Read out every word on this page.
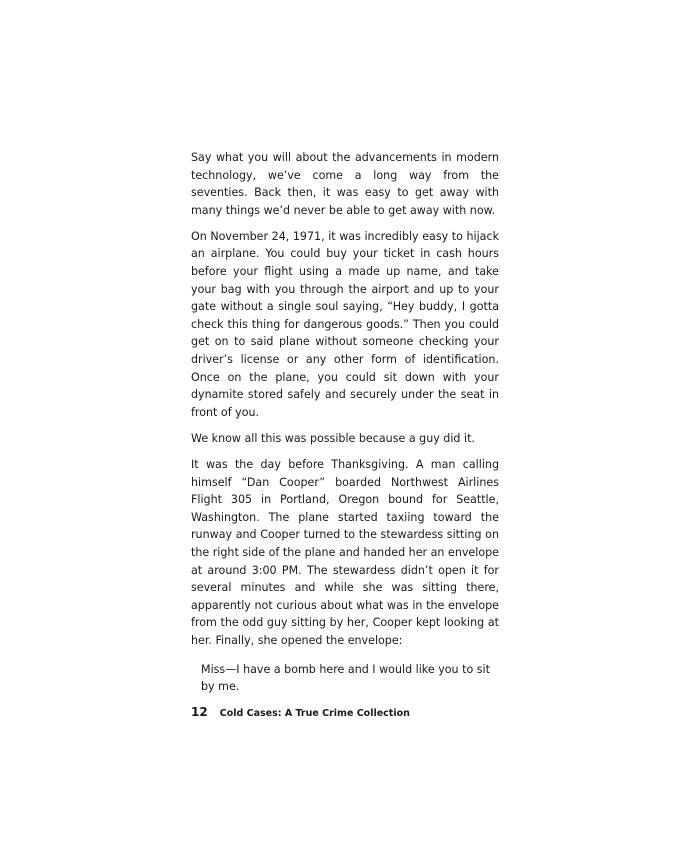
Say what you will about the advancements in modern technology, we’ve come a long way from the seventies. Back then, it was easy to get away with many things we’d never be able to get away with now.

On November 24, 1971, it was incredibly easy to hijack an airplane. You could buy your ticket in cash hours before your flight using a made up name, and take your bag with you through the airport and up to your gate without a single soul saying, “Hey buddy, I gotta check this thing for dangerous goods.” Then you could get on to said plane without someone checking your driver’s license or any other form of identification. Once on the plane, you could sit down with your dynamite stored safely and securely under the seat in front of you.

We know all this was possible because a guy did it.

It was the day before Thanksgiving. A man calling himself “Dan Cooper” boarded Northwest Airlines Flight 305 in Portland, Oregon bound for Seattle, Washington. The plane started taxiing toward the runway and Cooper turned to the stewardess sitting on the right side of the plane and handed her an envelope at around 3:00 PM. The stewardess didn’t open it for several minutes and while she was sitting there, apparently not curious about what was in the envelope from the odd guy sitting by her, Cooper kept looking at her. Finally, she opened the envelope:

Miss—I have a bomb here and I would like you to sit by me.

12 Cold Cases: A True Crime Collection
